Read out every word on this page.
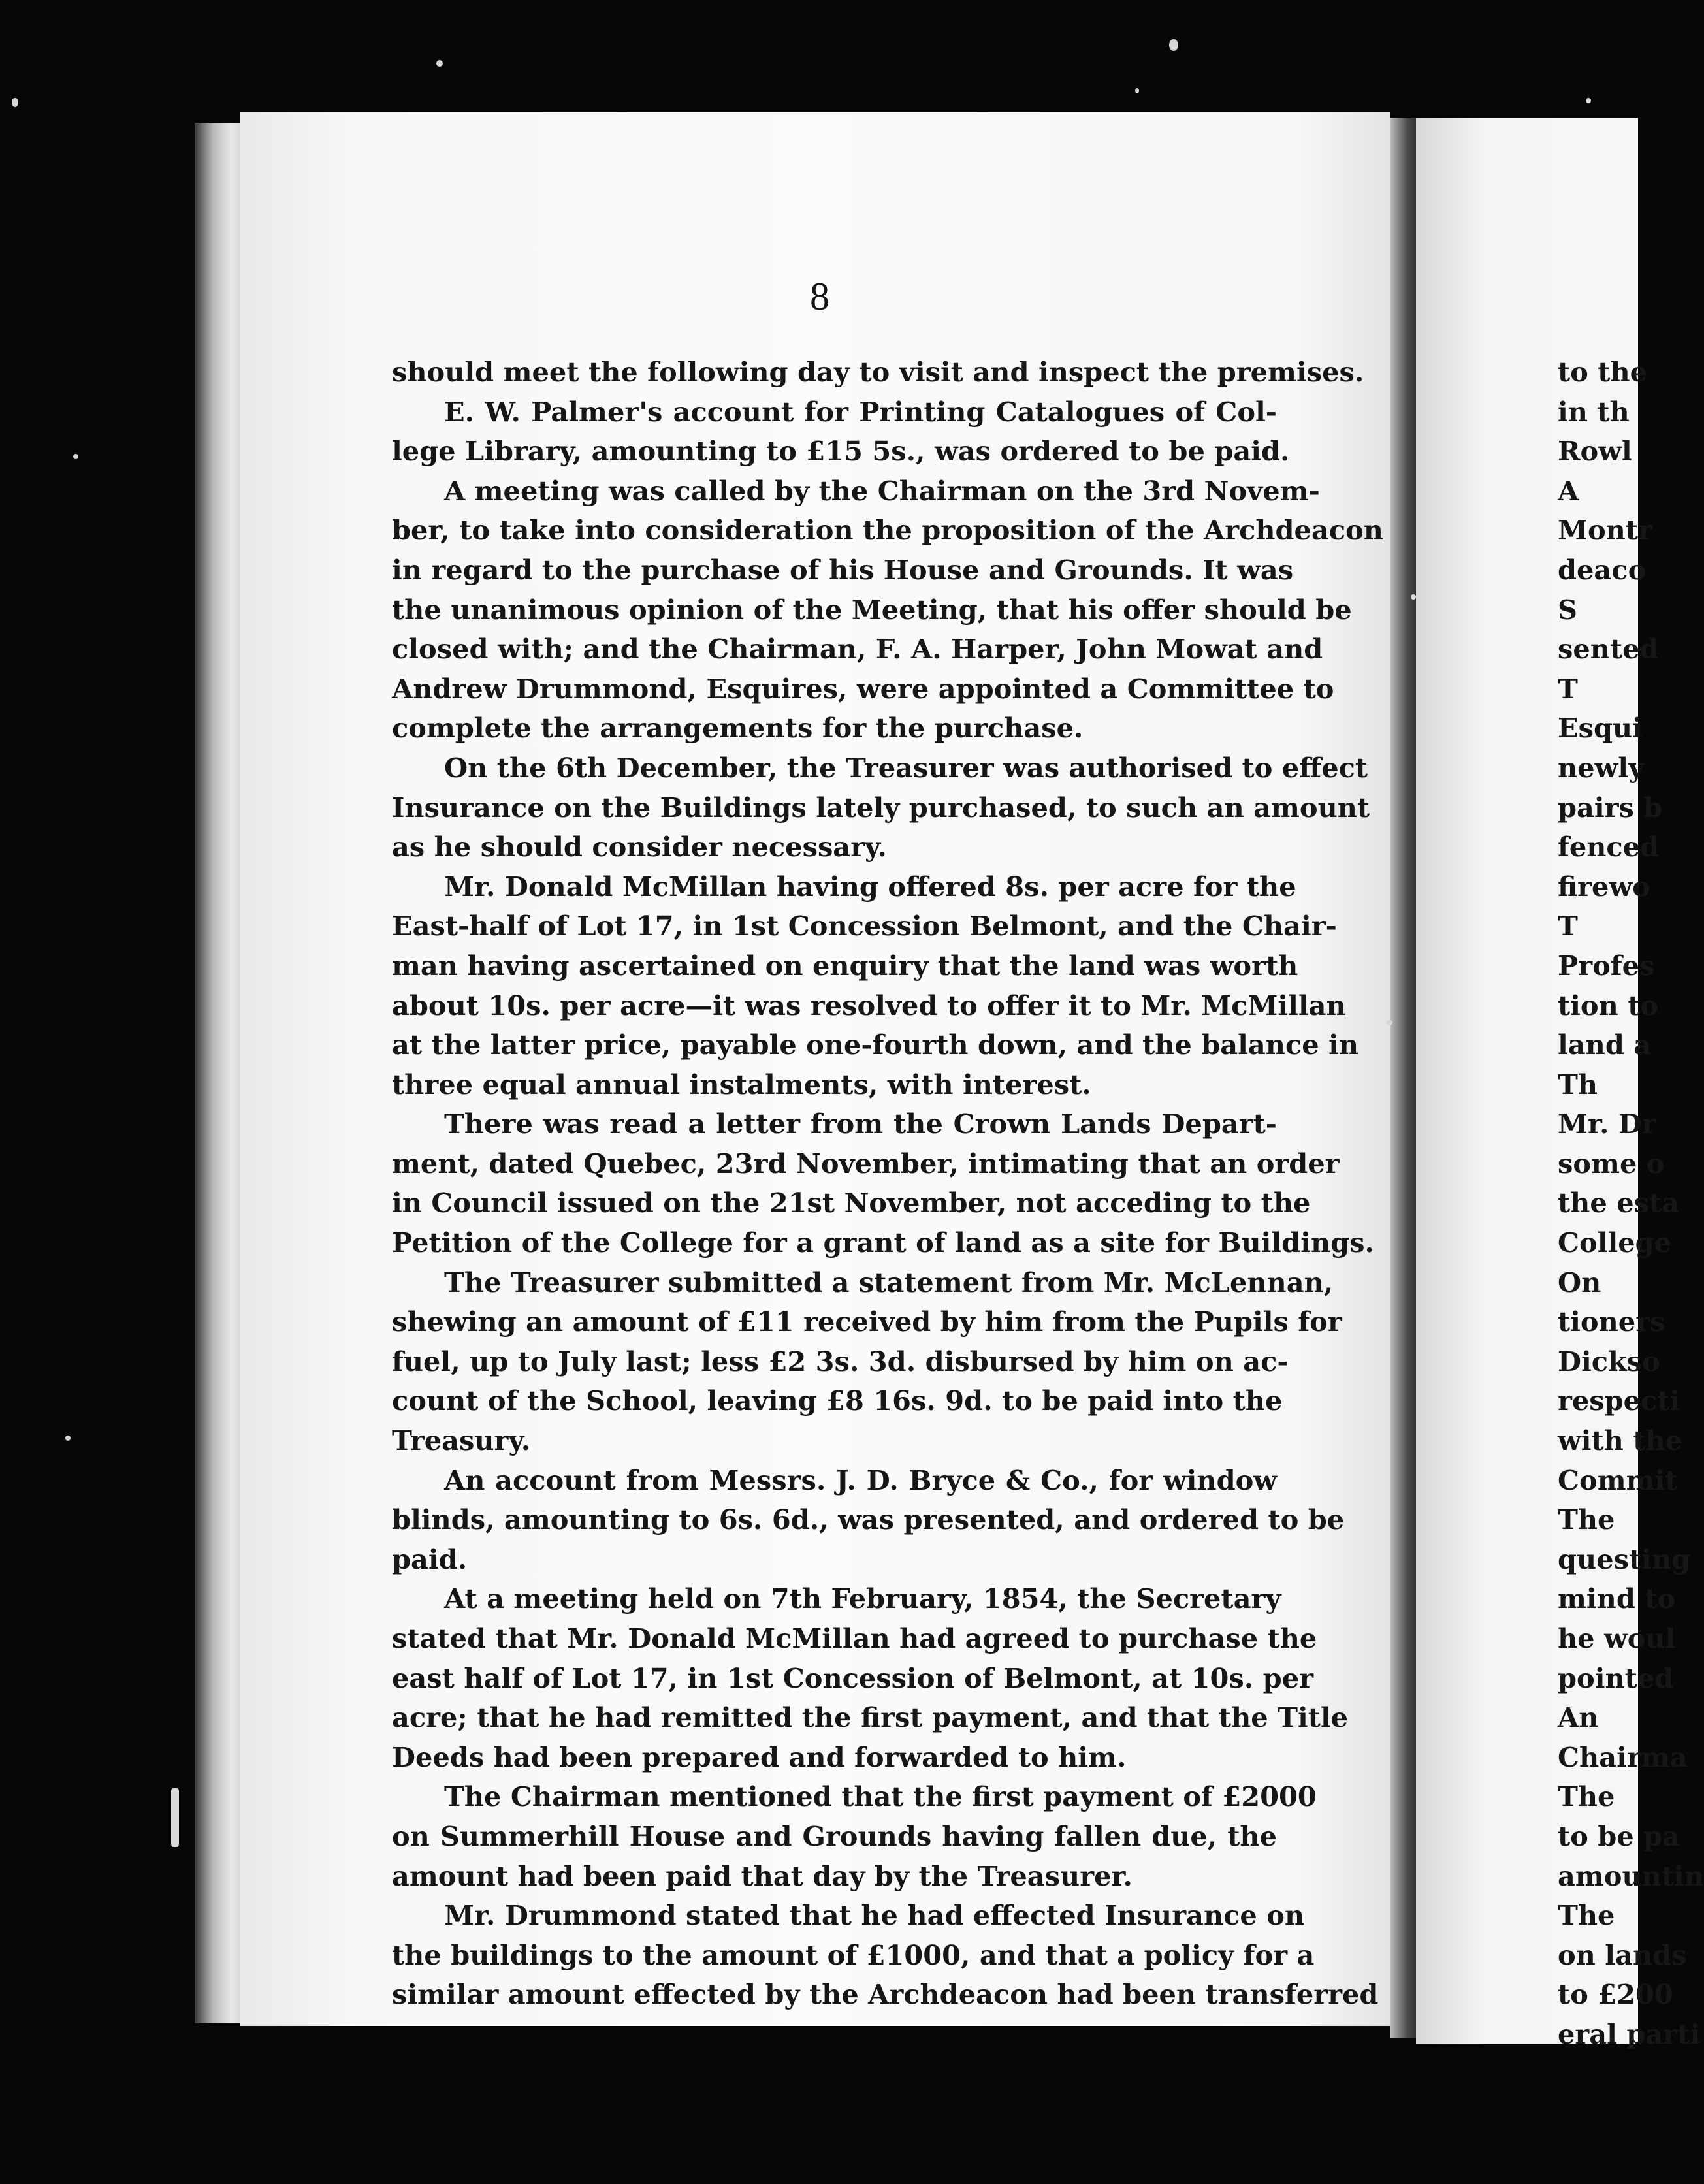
8
should meet the following day to visit and inspect the premises.
E. W. Palmer's account for Printing Catalogues of Col-
lege Library, amounting to £15 5s., was ordered to be paid.
A meeting was called by the Chairman on the 3rd Novem-
ber, to take into consideration the proposition of the Archdeacon
in regard to the purchase of his House and Grounds. It was
the unanimous opinion of the Meeting, that his offer should be
closed with; and the Chairman, F. A. Harper, John Mowat and
Andrew Drummond, Esquires, were appointed a Committee to
complete the arrangements for the purchase.
On the 6th December, the Treasurer was authorised to effect
Insurance on the Buildings lately purchased, to such an amount
as he should consider necessary.
Mr. Donald McMillan having offered 8s. per acre for the
East-half of Lot 17, in 1st Concession Belmont, and the Chair-
man having ascertained on enquiry that the land was worth
about 10s. per acre—it was resolved to offer it to Mr. McMillan
at the latter price, payable one-fourth down, and the balance in
three equal annual instalments, with interest.
There was read a letter from the Crown Lands Depart-
ment, dated Quebec, 23rd November, intimating that an order
in Council issued on the 21st November, not acceding to the
Petition of the College for a grant of land as a site for Buildings.
The Treasurer submitted a statement from Mr. McLennan,
shewing an amount of £11 received by him from the Pupils for
fuel, up to July last; less £2 3s. 3d. disbursed by him on ac-
count of the School, leaving £8 16s. 9d. to be paid into the
Treasury.
An account from Messrs. J. D. Bryce & Co., for window
blinds, amounting to 6s. 6d., was presented, and ordered to be
paid.
At a meeting held on 7th February, 1854, the Secretary
stated that Mr. Donald McMillan had agreed to purchase the
east half of Lot 17, in 1st Concession of Belmont, at 10s. per
acre; that he had remitted the first payment, and that the Title
Deeds had been prepared and forwarded to him.
The Chairman mentioned that the first payment of £2000
on Summerhill House and Grounds having fallen due, the
amount had been paid that day by the Treasurer.
Mr. Drummond stated that he had effected Insurance on
the buildings to the amount of £1000, and that a policy for a
similar amount effected by the Archdeacon had been transferred
to the
in th
Rowl
A
Montr
deaco
S
sented
T
Esqui
newly
pairs b
fenced
firewo
T
Profes
tion to
land a
Th
Mr. Dr
some o
the esta
College
On
tioners
Dickso
respecti
with the
Commit
The
questing
mind to
he woul
pointed
An
Chairma
The
to be pa
amountin
The
on lands
to £200
eral parti
